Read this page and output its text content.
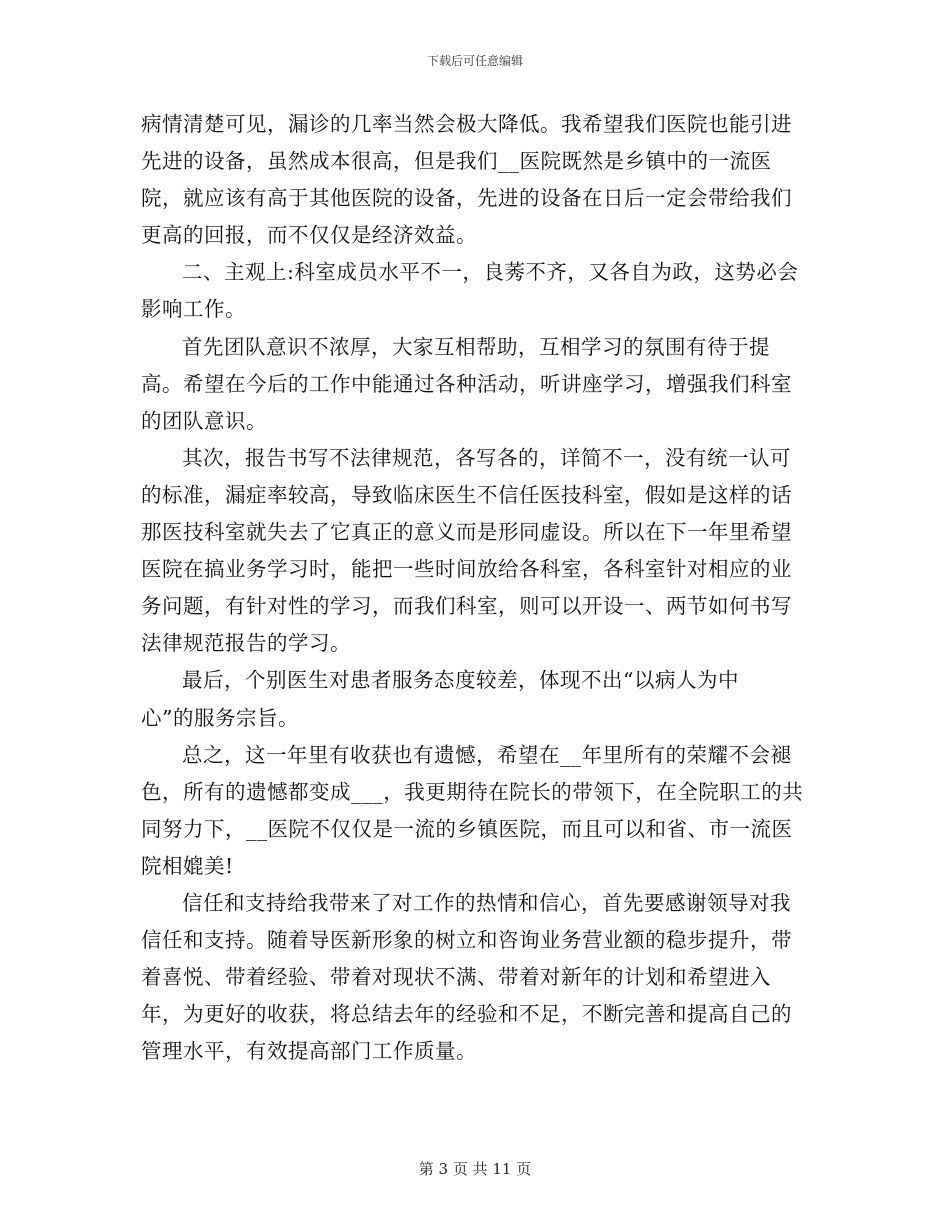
下载后可任意编辑

病情清楚可见，漏诊的几率当然会极大降低。我希望我们医院也能引进先进的设备，虽然成本很高，但是我们__医院既然是乡镇中的一流医院，就应该有高于其他医院的设备，先进的设备在日后一定会带给我们更高的回报，而不仅仅是经济效益。

二、主观上:科室成员水平不一，良莠不齐，又各自为政，这势必会影响工作。

首先团队意识不浓厚，大家互相帮助，互相学习的氛围有待于提高。希望在今后的工作中能通过各种活动，听讲座学习，增强我们科室的团队意识。

其次，报告书写不法律规范，各写各的，详简不一，没有统一认可的标准，漏症率较高，导致临床医生不信任医技科室，假如是这样的话那医技科室就失去了它真正的意义而是形同虚设。所以在下一年里希望医院在搞业务学习时，能把一些时间放给各科室，各科室针对相应的业务问题，有针对性的学习，而我们科室，则可以开设一、两节如何书写法律规范报告的学习。

最后，个别医生对患者服务态度较差，体现不出“以病人为中

心”的服务宗旨。

总之，这一年里有收获也有遗憾，希望在__年里所有的荣耀不会褪色，所有的遗憾都变成___，我更期待在院长的带领下，在全院职工的共同努力下，__医院不仅仅是一流的乡镇医院，而且可以和省、市一流医院相媲美!

信任和支持给我带来了对工作的热情和信心，首先要感谢领导对我信任和支持。随着导医新形象的树立和咨询业务营业额的稳步提升，带着喜悦、带着经验、带着对现状不满、带着对新年的计划和希望进入年，为更好的收获，将总结去年的经验和不足，不断完善和提高自己的管理水平，有效提高部门工作质量。

第 3 页 共 11 页
